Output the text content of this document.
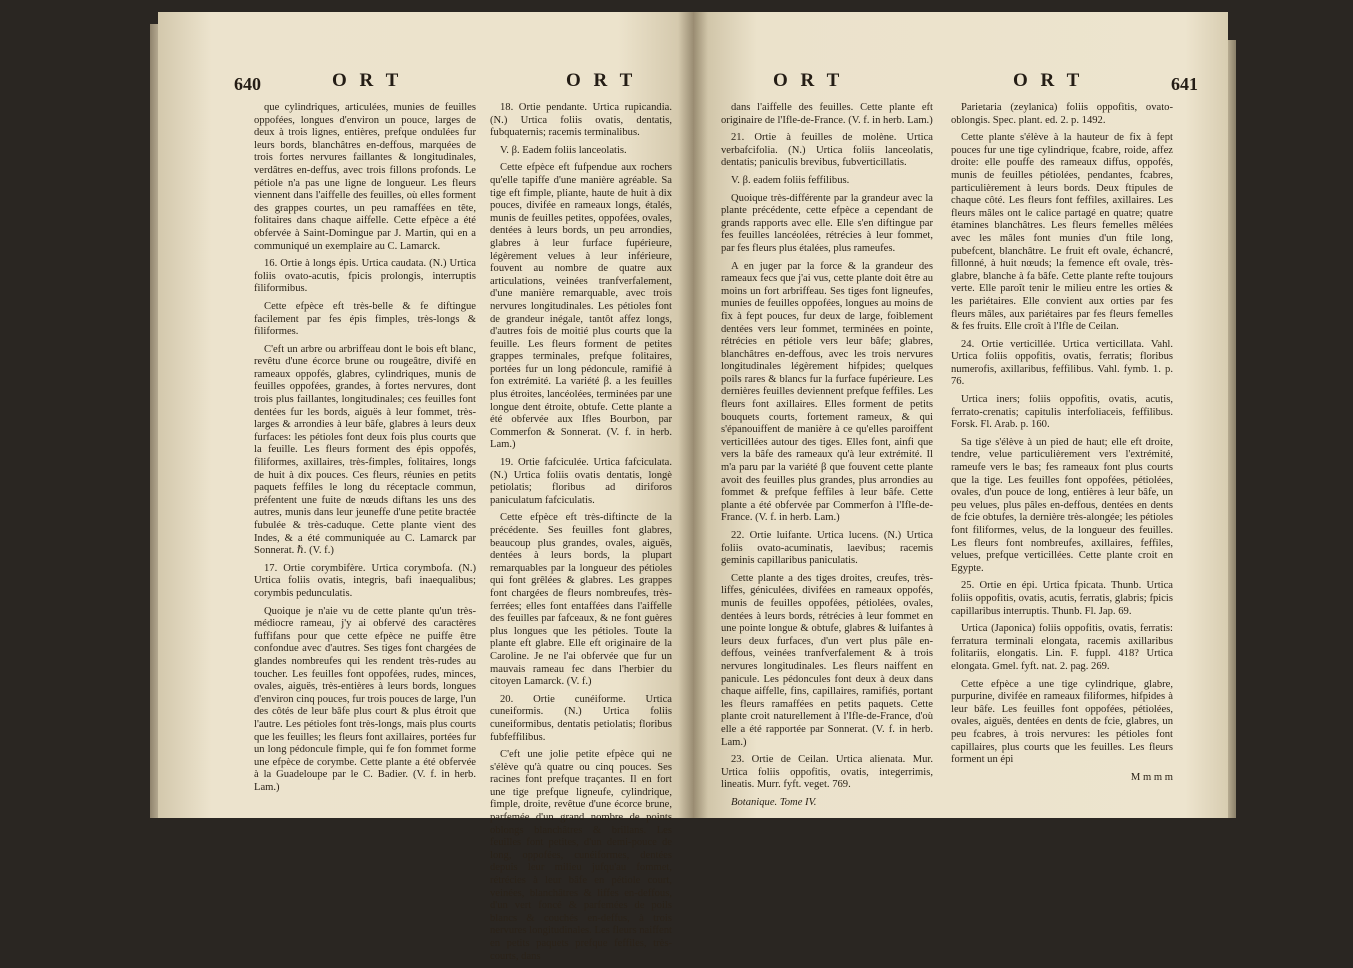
640	O R T	O R T

que cylindriques, articulées, munies de feuilles oppofées, longues d'environ un pouce, larges de deux à trois lignes, entières, prefque ondulées fur leurs bords, blanchâtres en-deffous, marquées de trois fortes nervures faillantes & longitudinales, verdâtres en-deffus, avec trois fillons profonds. Le pétiole n'a pas une ligne de longueur. Les fleurs viennent dans l'aiffelle des feuilles, où elles forment des grappes courtes, un peu ramaffées en tête, folitaires dans chaque aiffelle. Cette efpèce a été obfervée à Saint-Domingue par J. Martin, qui en a communiqué un exemplaire au C. Lamarck.

16. Ortie à longs épis. Urtica caudata. (N.) Urtica foliis ovato-acutis, fpicis prolongis, interruptis filiformibus.

Cette efpèce eft très-belle & fe diftingue facilement par fes épis fimples, très-longs & filiformes.

C'eft un arbre ou arbriffeau dont le bois eft blanc, revêtu d'une écorce brune ou rougeâtre, divifé en rameaux oppofés, glabres, cylindriques, munis de feuilles oppofées, grandes, à fortes nervures, dont trois plus faillantes, longitudinales; ces feuilles font dentées fur les bords, aiguës à leur fommet, très-larges & arrondies à leur bâfe, glabres à leurs deux furfaces: les pétioles font deux fois plus courts que la feuille. Les fleurs forment des épis oppofés, filiformes, axillaires, très-fimples, folitaires, longs de huit à dix pouces. Ces fleurs, réunies en petits paquets feffiles le long du réceptacle commun, préfentent une fuite de nœuds diftans les uns des autres, munis dans leur jeuneffe d'une petite bractée fubulée & très-caduque. Cette plante vient des Indes, & a été communiquée au C. Lamarck par Sonnerat. ℏ. (V. f.)

17. Ortie corymbifère. Urtica corymbofa. (N.) Urtica foliis ovatis, integris, bafi inaequalibus; corymbis pedunculatis.

Quoique je n'aie vu de cette plante qu'un très-médiocre rameau, j'y ai obfervé des caractères fuffifans pour que cette efpèce ne puiffe être confondue avec d'autres. Ses tiges font chargées de glandes nombreufes qui les rendent très-rudes au toucher. Les feuilles font oppofées, rudes, minces, ovales, aiguës, très-entières à leurs bords, longues d'environ cinq pouces, fur trois pouces de large, l'un des côtés de leur bâfe plus court & plus étroit que l'autre. Les pétioles font très-longs, mais plus courts que les feuilles; les fleurs font axillaires, portées fur un long pédoncule fimple, qui fe fon fommet forme une efpèce de corymbe. Cette plante a été obfervée à la Guadeloupe par le C. Badier. (V. f. in herb. Lam.)

18. Ortie pendante. Urtica rupicandia. (N.) Urtica foliis ovatis, dentatis, fubquaternis; racemis terminalibus.

V. β. Eadem foliis lanceolatis.

Cette efpèce eft fufpendue aux rochers qu'elle tapiffe d'une manière agréable. Sa tige eft fimple, pliante, haute de huit à dix pouces, divifée en rameaux longs, étalés, munis de feuilles petites, oppofées, ovales, dentées à leurs bords, un peu arrondies, glabres à leur furface fupérieure, légèrement velues à leur inférieure, fouvent au nombre de quatre aux articulations, veinées tranfverfalement, d'une manière remarquable, avec trois nervures longitudinales. Les pétioles font de grandeur inégale, tantôt affez longs, d'autres fois de moitié plus courts que la feuille. Les fleurs forment de petites grappes terminales, prefque folitaires, portées fur un long pédoncule, ramifié à fon extrémité. La variété β. a les feuilles plus étroites, lancéolées, terminées par une longue dent étroite, obtufe. Cette plante a été obfervée aux Ifles Bourbon, par Commerfon & Sonnerat. (V. f. in herb. Lam.)

19. Ortie fafciculée. Urtica fafciculata. (N.) Urtica foliis ovatis dentatis, longè petiolatis; floribus ad diriforos paniculatum fafciculatis.

Cette efpèce eft très-diftincte de la précédente. Ses feuilles font glabres, beaucoup plus grandes, ovales, aiguës, dentées à leurs bords, la plupart remarquables par la longueur des pétioles qui font grêlées & glabres. Les grappes font chargées de fleurs nombreufes, très-ferrées; elles font entaffées dans l'aiffelle des feuilles par fafceaux, & ne font guères plus longues que les pétioles. Toute la plante eft glabre. Elle eft originaire de la Caroline. Je ne l'ai obfervée que fur un mauvais rameau fec dans l'herbier du citoyen Lamarck. (V. f.)

20. Ortie cunéiforme. Urtica cuneiformis. (N.) Urtica foliis cuneiformibus, dentatis petiolatis; floribus fubfeffilibus.

C'eft une jolie petite efpèce qui ne s'élève qu'à quatre ou cinq pouces. Ses racines font prefque traçantes. Il en fort une tige prefque ligneufe, cylindrique, fimple, droite, revêtue d'une écorce brune, parfemée d'un grand nombre de points oblongs blanchâtres & brillans. Les feuilles font petites, d'un demi-pouce de long, oppofées, cunéiformes, dentées depuis leur milieu jufqu'au fommet, rétrécies à leur bâfe en pétiole court, veinées, blanchâtres & liffes en-deffous, d'un vert foncé & parfemées de poils blancs & couchés en-deffus, à trois nervures longitudinales. Les fleurs naiffent en petits paquets prefque feffiles, très-courts, dans

O R T	O R T	641

dans l'aiffelle des feuilles. Cette plante eft originaire de l'Ifle-de-France. (V. f. in herb. Lam.)

21. Ortie à feuilles de molène. Urtica verbafcifolia. (N.) Urtica foliis lanceolatis, dentatis; paniculis brevibus, fubverticillatis.

V. β. eadem foliis feffilibus.

Quoique très-différente par la grandeur avec la plante précédente, cette efpèce a cependant de grands rapports avec elle. Elle s'en diftingue par fes feuilles lancéolées, rétrécies à leur fommet, par fes fleurs plus étalées, plus rameufes.

A en juger par la force & la grandeur des rameaux fecs que j'ai vus, cette plante doit être au moins un fort arbriffeau. Ses tiges font ligneufes, munies de feuilles oppofées, longues au moins de fix à fept pouces, fur deux de large, foiblement dentées vers leur fommet, terminées en pointe, rétrécies en pétiole vers leur bâfe; glabres, blanchâtres en-deffous, avec les trois nervures longitudinales légèrement hifpides; quelques poils rares & blancs fur la furface fupérieure. Les dernières feuilles deviennent prefque feffiles. Les fleurs font axillaires. Elles forment de petits bouquets courts, fortement rameux, & qui s'épanouiffent de manière à ce qu'elles paroiffent verticillées autour des tiges. Elles font, ainfi que vers la bâfe des rameaux qu'à leur extrémité. Il m'a paru par la variété β que fouvent cette plante avoit des feuilles plus grandes, plus arrondies au fommet & prefque feffiles à leur bâfe. Cette plante a été obfervée par Commerfon à l'Ifle-de-France. (V. f. in herb. Lam.)

22. Ortie luifante. Urtica lucens. (N.) Urtica foliis ovato-acuminatis, laevibus; racemis geminis capillaribus paniculatis.

Cette plante a des tiges droites, creufes, très-liffes, géniculées, divifées en rameaux oppofés, munis de feuilles oppofées, pétiolées, ovales, dentées à leurs bords, rétrécies à leur fommet en une pointe longue & obtufe, glabres & luifantes à leurs deux furfaces, d'un vert plus pâle en-deffous, veinées tranfverfalement & à trois nervures longitudinales. Les fleurs naiffent en panicule. Les pédoncules font deux à deux dans chaque aiffelle, fins, capillaires, ramifiés, portant les fleurs ramaffées en petits paquets. Cette plante croit naturellement à l'Ifle-de-France, d'où elle a été rapportée par Sonnerat. (V. f. in herb. Lam.)

23. Ortie de Ceilan. Urtica alienata. Mur. Urtica foliis oppofitis, ovatis, integerrimis, lineatis. Murr. fyft. veget. 769.

Botanique. Tome IV.

Parietaria (zeylanica) foliis oppofitis, ovato-oblongis. Spec. plant. ed. 2. p. 1492.

Cette plante s'élève à la hauteur de fix à fept pouces fur une tige cylindrique, fcabre, roide, affez droite: elle pouffe des rameaux diffus, oppofés, munis de feuilles pétiolées, pendantes, fcabres, particulièrement à leurs bords. Deux ftipules de chaque côté. Les fleurs font feffiles, axillaires. Les fleurs mâles ont le calice partagé en quatre; quatre étamines blanchâtres. Les fleurs femelles mêlées avec les mâles font munies d'un ftile long, pubefcent, blanchâtre. Le fruit eft ovale, échancré, fillonné, à huit nœuds; la femence eft ovale, très-glabre, blanche à fa bâfe. Cette plante refte toujours verte. Elle paroît tenir le milieu entre les orties & les pariétaires. Elle convient aux orties par fes fleurs mâles, aux pariétaires par fes fleurs femelles & fes fruits. Elle croît à l'Ifle de Ceilan.

24. Ortie verticillée. Urtica verticillata. Vahl. Urtica foliis oppofitis, ovatis, ferratis; floribus numerofis, axillaribus, feffilibus. Vahl. fymb. 1. p. 76.

Urtica iners; foliis oppofitis, ovatis, acutis, ferrato-crenatis; capitulis interfoliaceis, feffilibus. Forsk. Fl. Arab. p. 160.

Sa tige s'élève à un pied de haut; elle eft droite, tendre, velue particulièrement vers l'extrémité, rameufe vers le bas; fes rameaux font plus courts que la tige. Les feuilles font oppofées, pétiolées, ovales, d'un pouce de long, entières à leur bâfe, un peu velues, plus pâles en-deffous, dentées en dents de fcie obtufes, la dernière très-alongée; les pétioles font filiformes, velus, de la longueur des feuilles. Les fleurs font nombreufes, axillaires, feffiles, velues, prefque verticillées. Cette plante croit en Egypte.

25. Ortie en épi. Urtica fpicata. Thunb. Urtica foliis oppofitis, ovatis, acutis, ferratis, glabris; fpicis capillaribus interruptis. Thunb. Fl. Jap. 69.

Urtica (Japonica) foliis oppofitis, ovatis, ferratis: ferratura terminali elongata, racemis axillaribus folitariis, elongatis. Lin. F. fuppl. 418? Urtica elongata. Gmel. fyft. nat. 2. pag. 269.

Cette efpèce a une tige cylindrique, glabre, purpurine, divifée en rameaux filiformes, hifpides à leur bâfe. Les feuilles font oppofées, pétiolées, ovales, aiguës, dentées en dents de fcie, glabres, un peu fcabres, à trois nervures: les pétioles font capillaires, plus courts que les feuilles. Les fleurs forment un épi

M m m m
